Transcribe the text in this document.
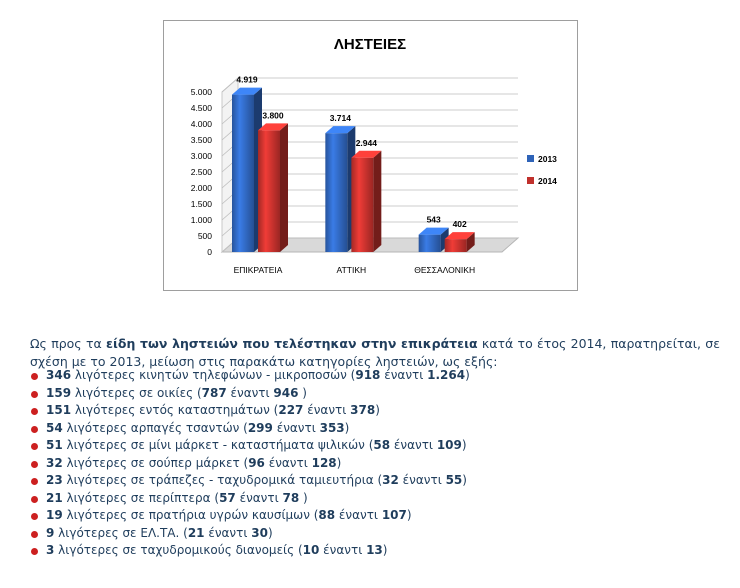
0
500
1.000
1.500
2.000
2.500
3.000
3.500
4.000
4.500
5.000
4.919
3.800
ΕΠΙΚΡΑΤΕΙΑ
3.714
2.944
ΑΤΤΙΚΗ
543 402
ΘΕΣΣΑΛΟΝΙΚΗ
ΛΗΣΤΕΙΕΣ
2013
2014

Ως προς τα είδη των ληστειών που τελέστηκαν στην επικράτεια κατά το έτος 2014, παρατηρείται, σε σχέση με το 2013, μείωση στις παρακάτω κατηγορίες ληστειών, ως εξής:

346 λιγότερες κινητών τηλεφώνων - μικροποσών (918 έναντι 1.264)
159 λιγότερες σε οικίες (787 έναντι 946 )
151 λιγότερες εντός καταστημάτων (227 έναντι 378)
54 λιγότερες αρπαγές τσαντών (299 έναντι 353)
51 λιγότερες σε μίνι μάρκετ - καταστήματα ψιλικών (58 έναντι 109)
32 λιγότερες σε σούπερ μάρκετ (96 έναντι 128)
23 λιγότερες σε τράπεζες - ταχυδρομικά ταμιευτήρια (32 έναντι 55)
21 λιγότερες σε περίπτερα (57 έναντι 78 )
19 λιγότερες σε πρατήρια υγρών καυσίμων (88 έναντι 107)
9 λιγότερες σε ΕΛ.ΤΑ. (21 έναντι 30)
3 λιγότερες σε ταχυδρομικούς διανομείς (10 έναντι 13)
